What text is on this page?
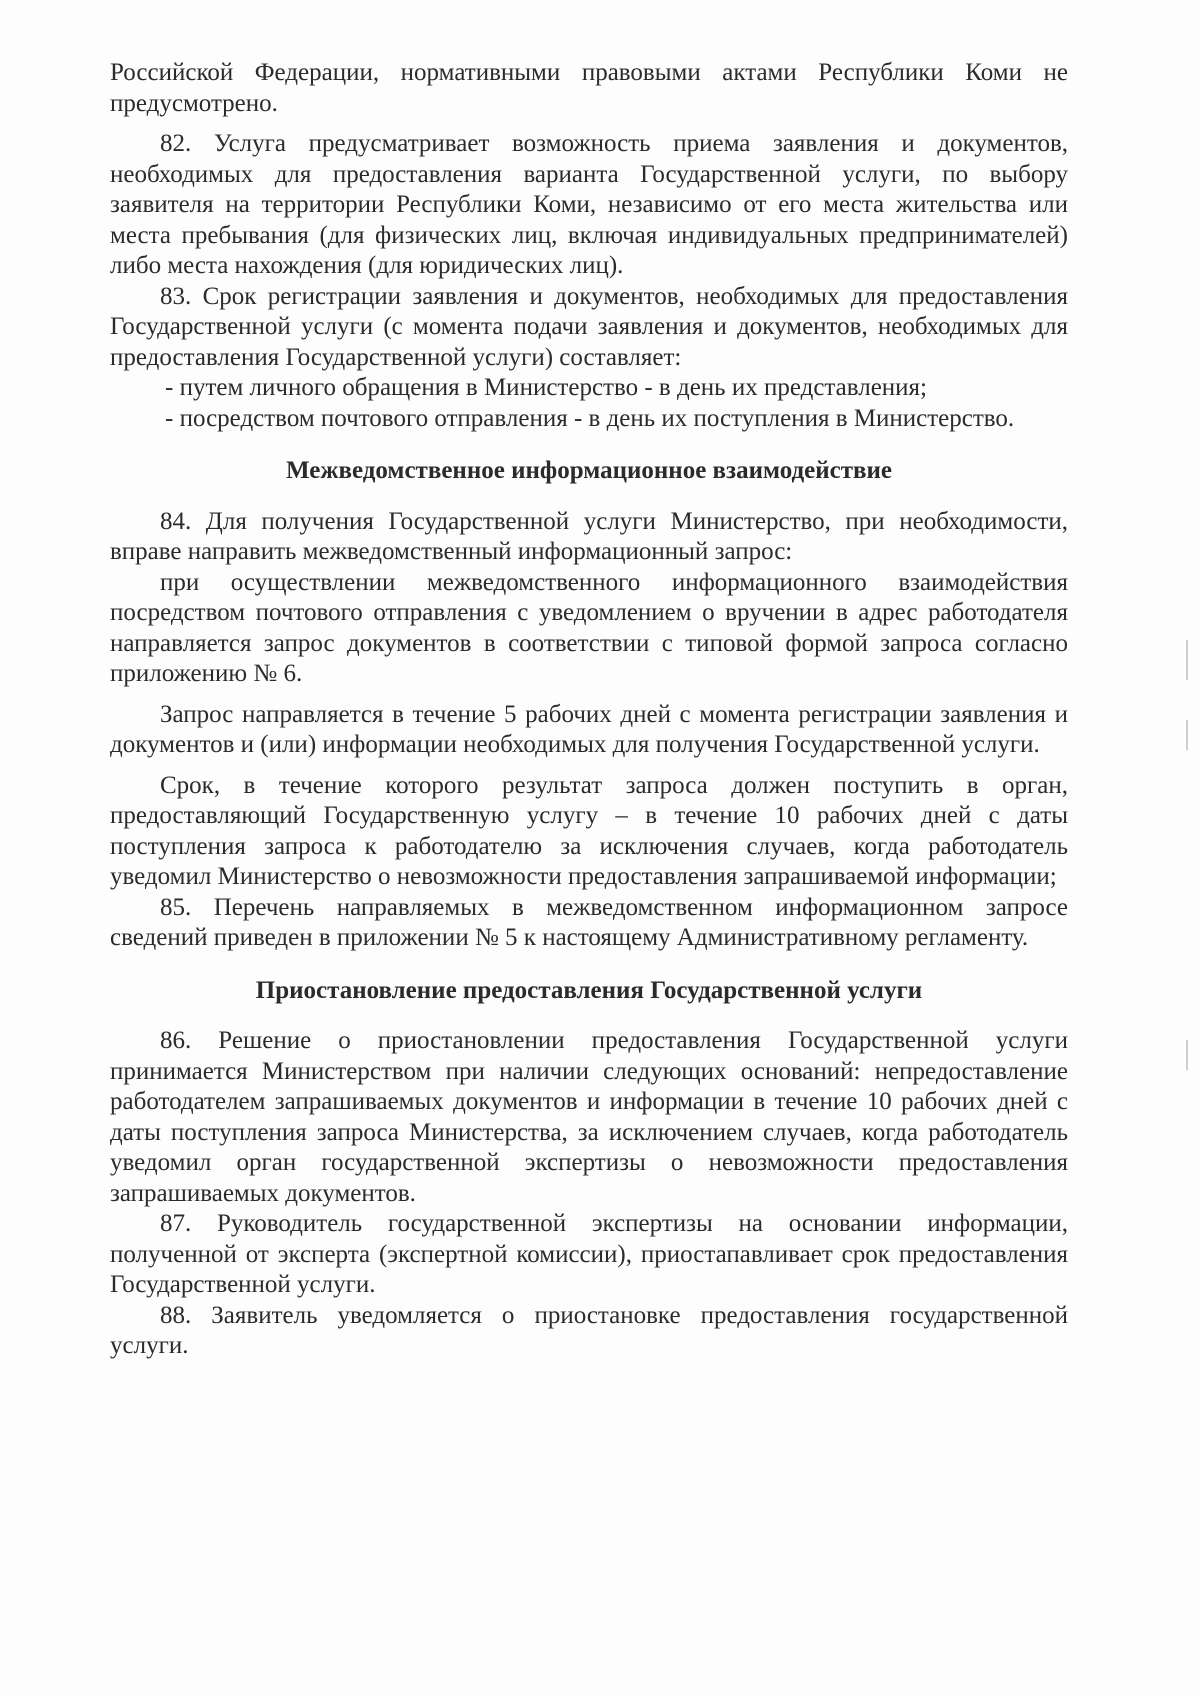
Российской Федерации, нормативными правовыми актами Республики Коми не предусмотрено.

82. Услуга предусматривает возможность приема заявления и документов, необходимых для предоставления варианта Государственной услуги, по выбору заявителя на территории Республики Коми, независимо от его места жительства или места пребывания (для физических лиц, включая индивидуальных предпринимателей) либо места нахождения (для юридических лиц).

83. Срок регистрации заявления и документов, необходимых для предоставления Государственной услуги (с момента подачи заявления и документов, необходимых для предоставления Государственной услуги) составляет:

- путем личного обращения в Министерство - в день их представления;

- посредством почтового отправления - в день их поступления в Министерство.

Межведомственное информационное взаимодействие

84. Для получения Государственной услуги Министерство, при необходимости, вправе направить межведомственный информационный запрос:

при осуществлении межведомственного информационного взаимодействия посредством почтового отправления с уведомлением о вручении в адрес работодателя направляется запрос документов в соответствии с типовой формой запроса согласно приложению № 6.

Запрос направляется в течение 5 рабочих дней с момента регистрации заявления и документов и (или) информации необходимых для получения Государственной услуги.

Срок, в течение которого результат запроса должен поступить в орган, предоставляющий Государственную услугу – в течение 10 рабочих дней с даты поступления запроса к работодателю за исключения случаев, когда работодатель уведомил Министерство о невозможности предоставления запрашиваемой информации;

85. Перечень направляемых в межведомственном информационном запросе сведений приведен в приложении № 5 к настоящему Административному регламенту.

Приостановление предоставления Государственной услуги

86. Решение о приостановлении предоставления Государственной услуги принимается Министерством при наличии следующих оснований: непредоставление работодателем запрашиваемых документов и информации в течение 10 рабочих дней с даты поступления запроса Министерства, за исключением случаев, когда работодатель уведомил орган государственной экспертизы о невозможности предоставления запрашиваемых документов.

87. Руководитель государственной экспертизы на основании информации, полученной от эксперта (экспертной комиссии), приостапавливает срок предоставления Государственной услуги.

88. Заявитель уведомляется о приостановке предоставления государственной услуги.
